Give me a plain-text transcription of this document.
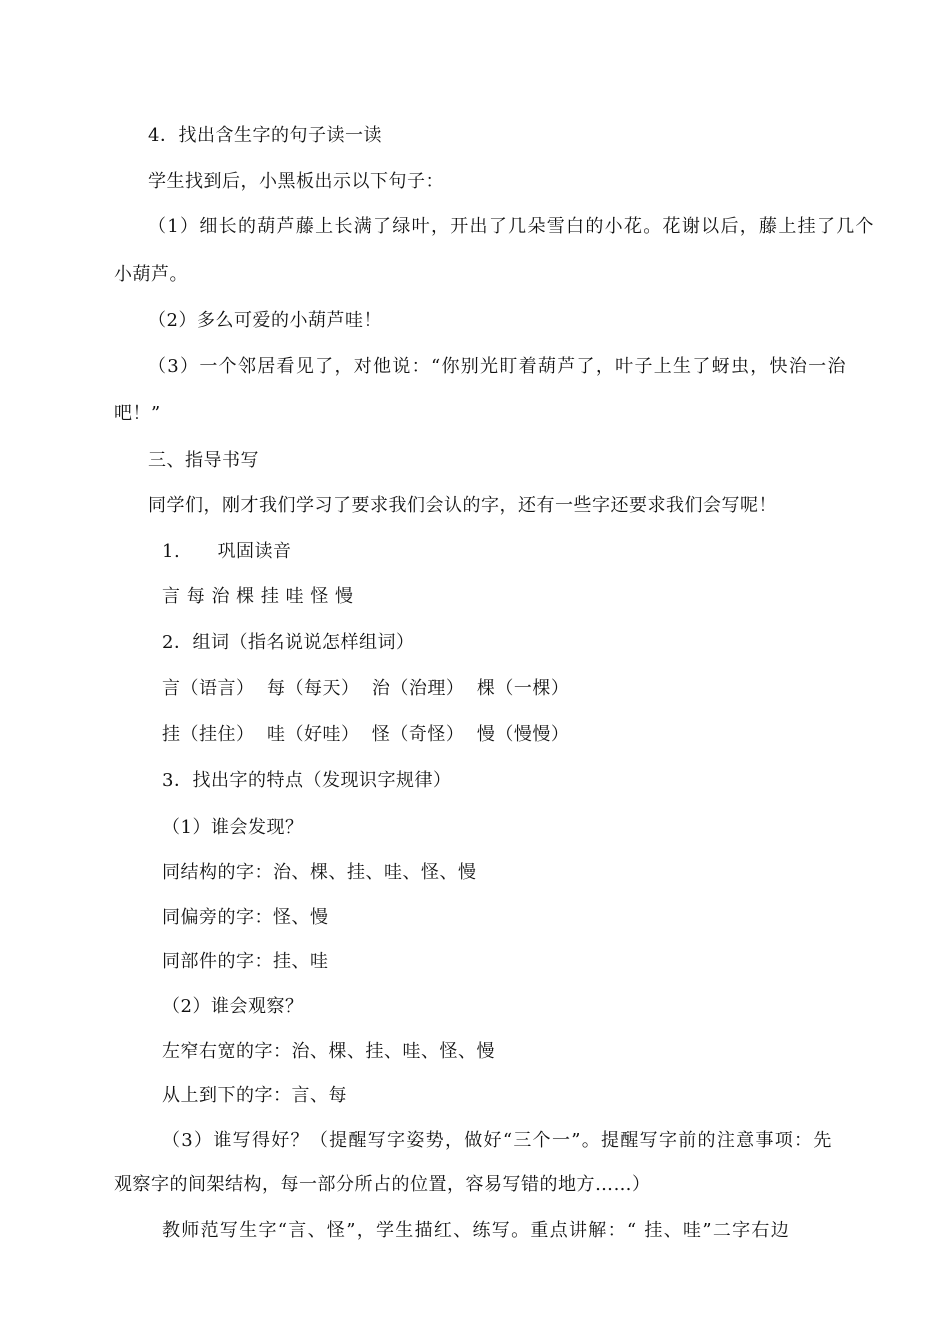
4．找出含生字的句子读一读
学生找到后，小黑板出示以下句子：
（1）细长的葫芦藤上长满了绿叶，开出了几朵雪白的小花。花谢以后，藤上挂了几个
小葫芦。
（2）多么可爱的小葫芦哇！
（3）一个邻居看见了，对他说：“你别光盯着葫芦了，叶子上生了蚜虫，快治一治
吧！”
三、指导书写
同学们，刚才我们学习了要求我们会认的字，还有一些字还要求我们会写呢！
1.      巩固读音
言 每 治 棵 挂 哇 怪 慢
2．组词（指名说说怎样组词）
言（语言）  每（每天）  治（治理）  棵（一棵）
挂（挂住）  哇（好哇）  怪（奇怪）  慢（慢慢）
3．找出字的特点（发现识字规律）
（1）谁会发现？
同结构的字：治、棵、挂、哇、怪、慢
同偏旁的字：怪、慢
同部件的字：挂、哇
（2）谁会观察？
左窄右宽的字：治、棵、挂、哇、怪、慢
从上到下的字：言、每
（3）谁写得好？（提醒写字姿势，做好“三个一”。提醒写字前的注意事项：先
观察字的间架结构，每一部分所占的位置，容易写错的地方……）
教师范写生字“言、怪”，学生描红、练写。重点讲解：“ 挂、哇”二字右边
